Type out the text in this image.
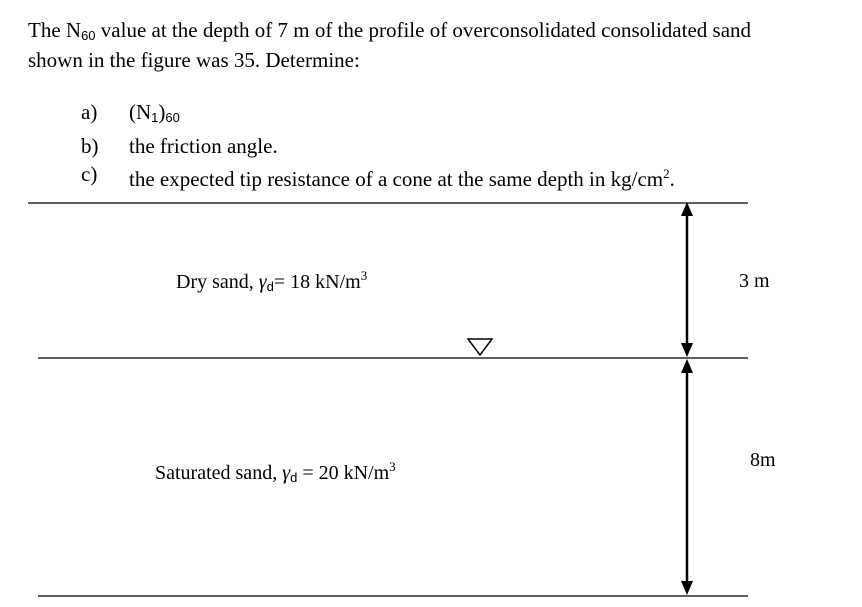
The $N_{60}$ value at the depth of 7 m of the profile of overconsolidated consolidated sand

shown in the figure was 35. Determine:

a)	$(N_1)_{60}$
b)	the friction angle.
c)	the expected tip resistance of a cone at the same depth in $kg/cm^2$.
Dry sand, $\gamma_d= 18$ $kN/m^3$
Saturated sand, $\gamma_d = 20$ $kN/m^3$
3 m
8m
